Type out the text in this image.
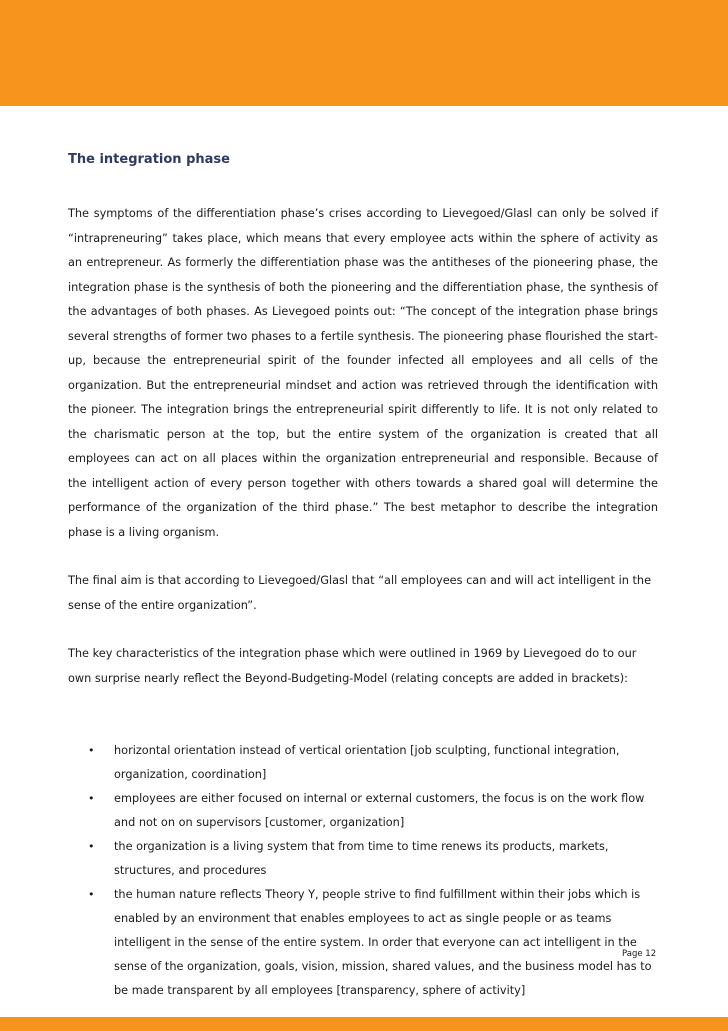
The integration phase

The symptoms of the differentiation phase’s crises according to Lievegoed/Glasl can only be solved if “intrapreneuring” takes place, which means that every employee acts within the sphere of activity as an entrepreneur. As formerly the differentiation phase was the antitheses of the pioneering phase, the integration phase is the synthesis of both the pioneering and the differentiation phase, the synthesis of the advantages of both phases. As Lievegoed points out: “The concept of the integration phase brings several strengths of former two phases to a fertile synthesis. The pioneering phase flourished the start-up, because the entrepreneurial spirit of the founder infected all employees and all cells of the organization. But the entrepreneurial mindset and action was retrieved through the identification with the pioneer. The integration brings the entrepreneurial spirit differently to life. It is not only related to the charismatic person at the top, but the entire system of the organization is created that all employees can act on all places within the organization entrepreneurial and responsible. Because of the intelligent action of every person together with others towards a shared goal will determine the performance of the organization of the third phase.” The best metaphor to describe the integration phase is a living organism.

The final aim is that according to Lievegoed/Glasl that “all employees can and will act intelligent in the sense of the entire organization”.

The key characteristics of the integration phase which were outlined in 1969 by Lievegoed do to our own surprise nearly reflect the Beyond-Budgeting-Model (relating concepts are added in brackets):

• horizontal orientation instead of vertical orientation [job sculpting, functional integration, organization, coordination]
• employees are either focused on internal or external customers, the focus is on the work flow and not on on supervisors [customer, organization]
• the organization is a living system that from time to time renews its products, markets, structures, and procedures
• the human nature reflects Theory Y, people strive to find fulfillment within their jobs which is enabled by an environment that enables employees to act as single people or as teams intelligent in the sense of the entire system. In order that everyone can act intelligent in the sense of the organization, goals, vision, mission, shared values, and the business model has to be made transparent by all employees [transparency, sphere of activity]
Page 12
